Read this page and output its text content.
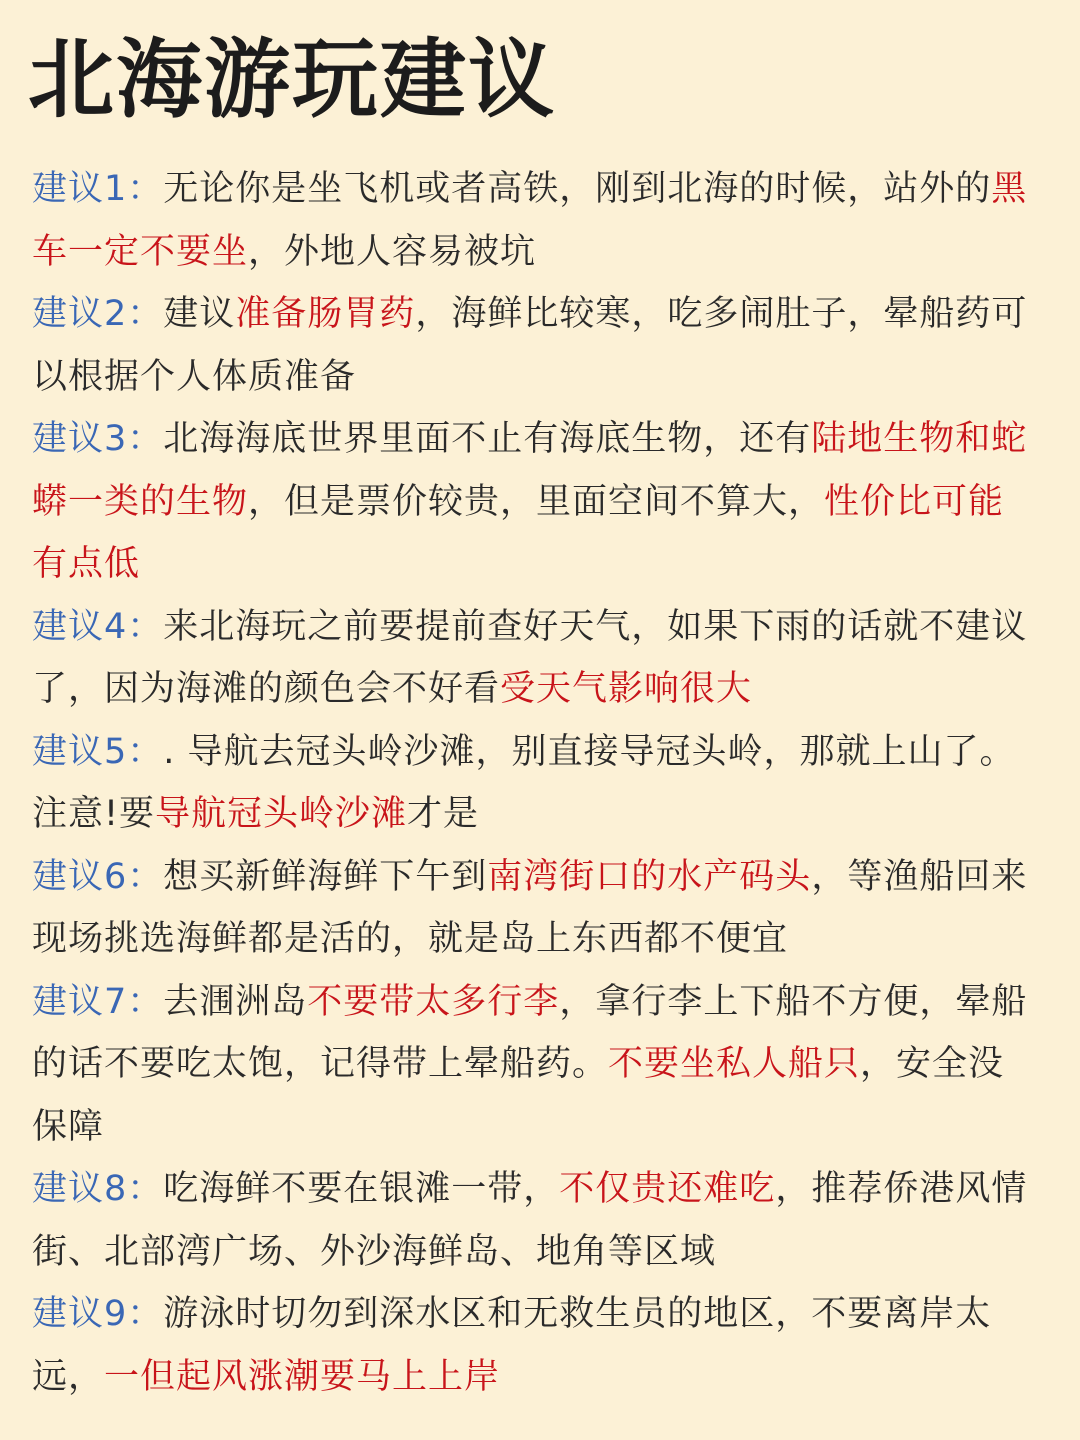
北海游玩建议
建议1：无论你是坐飞机或者高铁，刚到北海的时候，站外的黑车一定不要坐，外地人容易被坑
建议2：建议准备肠胃药，海鲜比较寒，吃多闹肚子，晕船药可以根据个人体质准备
建议3：北海海底世界里面不止有海底生物，还有陆地生物和蛇蟒一类的生物，但是票价较贵，里面空间不算大，性价比可能有点低
建议4：来北海玩之前要提前查好天气，如果下雨的话就不建议了，因为海滩的颜色会不好看受天气影响很大
建议5：. 导航去冠头岭沙滩，别直接导冠头岭，那就上山了。注意!要导航冠头岭沙滩才是
建议6：想买新鲜海鲜下午到南湾街口的水产码头，等渔船回来现场挑选海鲜都是活的，就是岛上东西都不便宜
建议7：去涠洲岛不要带太多行李，拿行李上下船不方便，晕船的话不要吃太饱，记得带上晕船药。不要坐私人船只，安全没保障
建议8：吃海鲜不要在银滩一带，不仅贵还难吃，推荐侨港风情街、北部湾广场、外沙海鲜岛、地角等区域
建议9：游泳时切勿到深水区和无救生员的地区，不要离岸太远，一但起风涨潮要马上上岸
